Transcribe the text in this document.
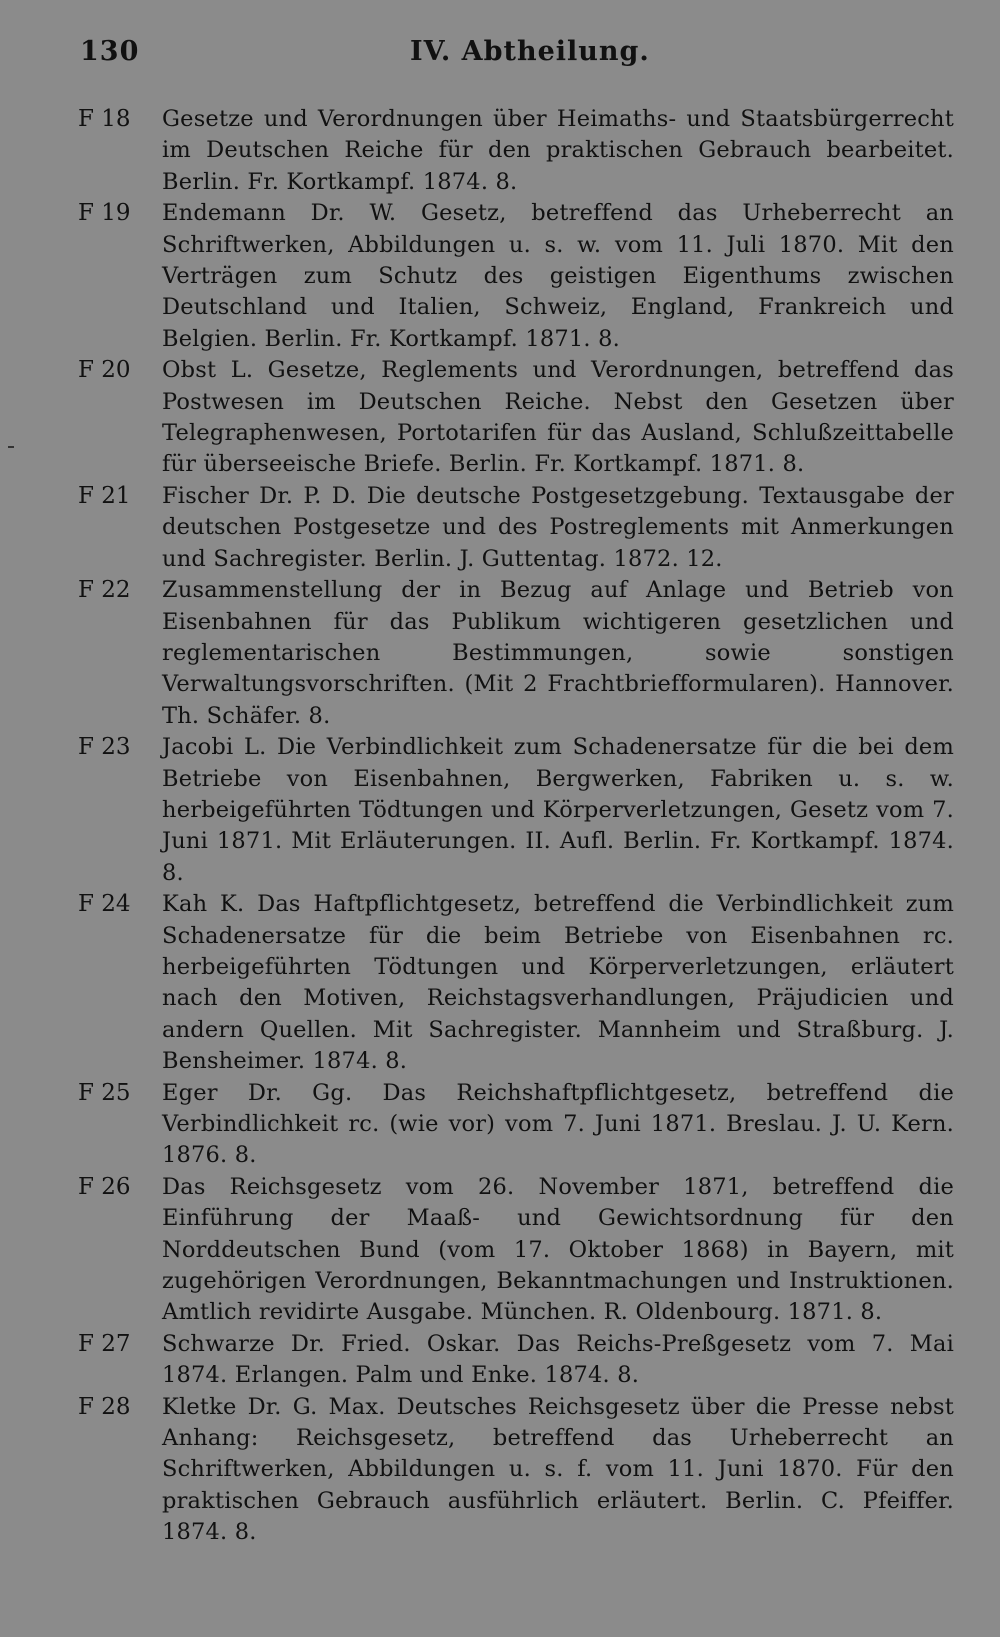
130	IV. Abtheilung.
F 18	Gesetze und Verordnungen über Heimaths- und Staatsbürgerrecht im Deutschen Reiche für den praktischen Gebrauch bearbeitet. Berlin. Fr. Kortkampf. 1874. 8.
F 19	Endemann Dr. W. Gesetz, betreffend das Urheberrecht an Schriftwerken, Abbildungen u. s. w. vom 11. Juli 1870. Mit den Verträgen zum Schutz des geistigen Eigenthums zwischen Deutschland und Italien, Schweiz, England, Frankreich und Belgien. Berlin. Fr. Kortkampf. 1871. 8.
F 20	Obst L. Gesetze, Reglements und Verordnungen, betreffend das Postwesen im Deutschen Reiche. Nebst den Gesetzen über Telegraphenwesen, Portotarifen für das Ausland, Schlußzeittabelle für überseeische Briefe. Berlin. Fr. Kortkampf. 1871. 8.
F 21	Fischer Dr. P. D. Die deutsche Postgesetzgebung. Textausgabe der deutschen Postgesetze und des Postreglements mit Anmerkungen und Sachregister. Berlin. J. Guttentag. 1872. 12.
F 22	Zusammenstellung der in Bezug auf Anlage und Betrieb von Eisenbahnen für das Publikum wichtigeren gesetzlichen und reglementarischen Bestimmungen, sowie sonstigen Verwaltungsvorschriften. (Mit 2 Frachtbriefformularen). Hannover. Th. Schäfer. 8.
F 23	Jacobi L. Die Verbindlichkeit zum Schadenersatze für die bei dem Betriebe von Eisenbahnen, Bergwerken, Fabriken u. s. w. herbeigeführten Tödtungen und Körperverletzungen, Gesetz vom 7. Juni 1871. Mit Erläuterungen. II. Aufl. Berlin. Fr. Kortkampf. 1874. 8.
F 24	Kah K. Das Haftpflichtgesetz, betreffend die Verbindlichkeit zum Schadenersatze für die beim Betriebe von Eisenbahnen rc. herbeigeführten Tödtungen und Körperverletzungen, erläutert nach den Motiven, Reichstagsverhandlungen, Präjudicien und andern Quellen. Mit Sachregister. Mannheim und Straßburg. J. Bensheimer. 1874. 8.
F 25	Eger Dr. Gg. Das Reichshaftpflichtgesetz, betreffend die Verbindlichkeit rc. (wie vor) vom 7. Juni 1871. Breslau. J. U. Kern. 1876. 8.
F 26	Das Reichsgesetz vom 26. November 1871, betreffend die Einführung der Maaß- und Gewichtsordnung für den Norddeutschen Bund (vom 17. Oktober 1868) in Bayern, mit zugehörigen Verordnungen, Bekanntmachungen und Instruktionen. Amtlich revidirte Ausgabe. München. R. Oldenbourg. 1871. 8.
F 27	Schwarze Dr. Fried. Oskar. Das Reichs-Preßgesetz vom 7. Mai 1874. Erlangen. Palm und Enke. 1874. 8.
F 28	Kletke Dr. G. Max. Deutsches Reichsgesetz über die Presse nebst Anhang: Reichsgesetz, betreffend das Urheberrecht an Schriftwerken, Abbildungen u. s. f. vom 11. Juni 1870. Für den praktischen Gebrauch ausführlich erläutert. Berlin. C. Pfeiffer. 1874. 8.
